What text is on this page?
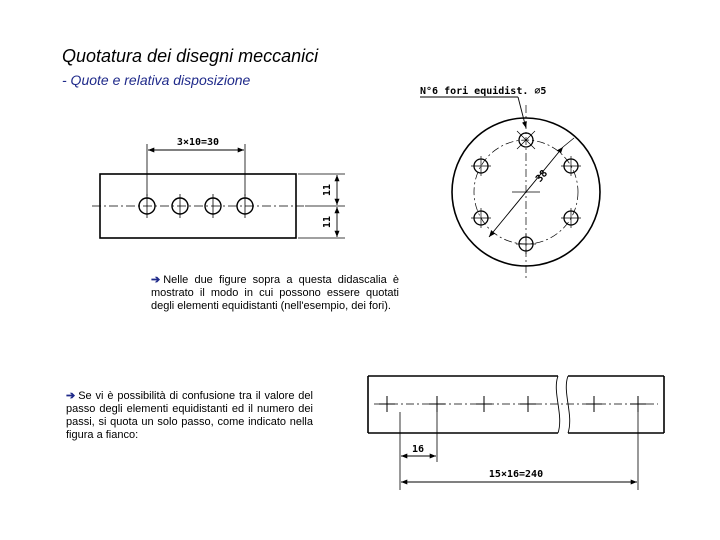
Quotatura dei disegni meccanici
- Quote e relativa disposizione
➔ Nelle due figure sopra a questa didascalia è mostrato il modo in cui possono essere quotati degli elementi equidistanti (nell'esempio, dei fori).
➔ Se vi è possibilità di confusione tra il valore del passo degli elementi equidistanti ed il numero dei passi, si quota un solo passo, come indicato nella figura a fianco:
3×10=30
11
11
N°6 fori equidist. ⌀5
38
16
15×16=240
